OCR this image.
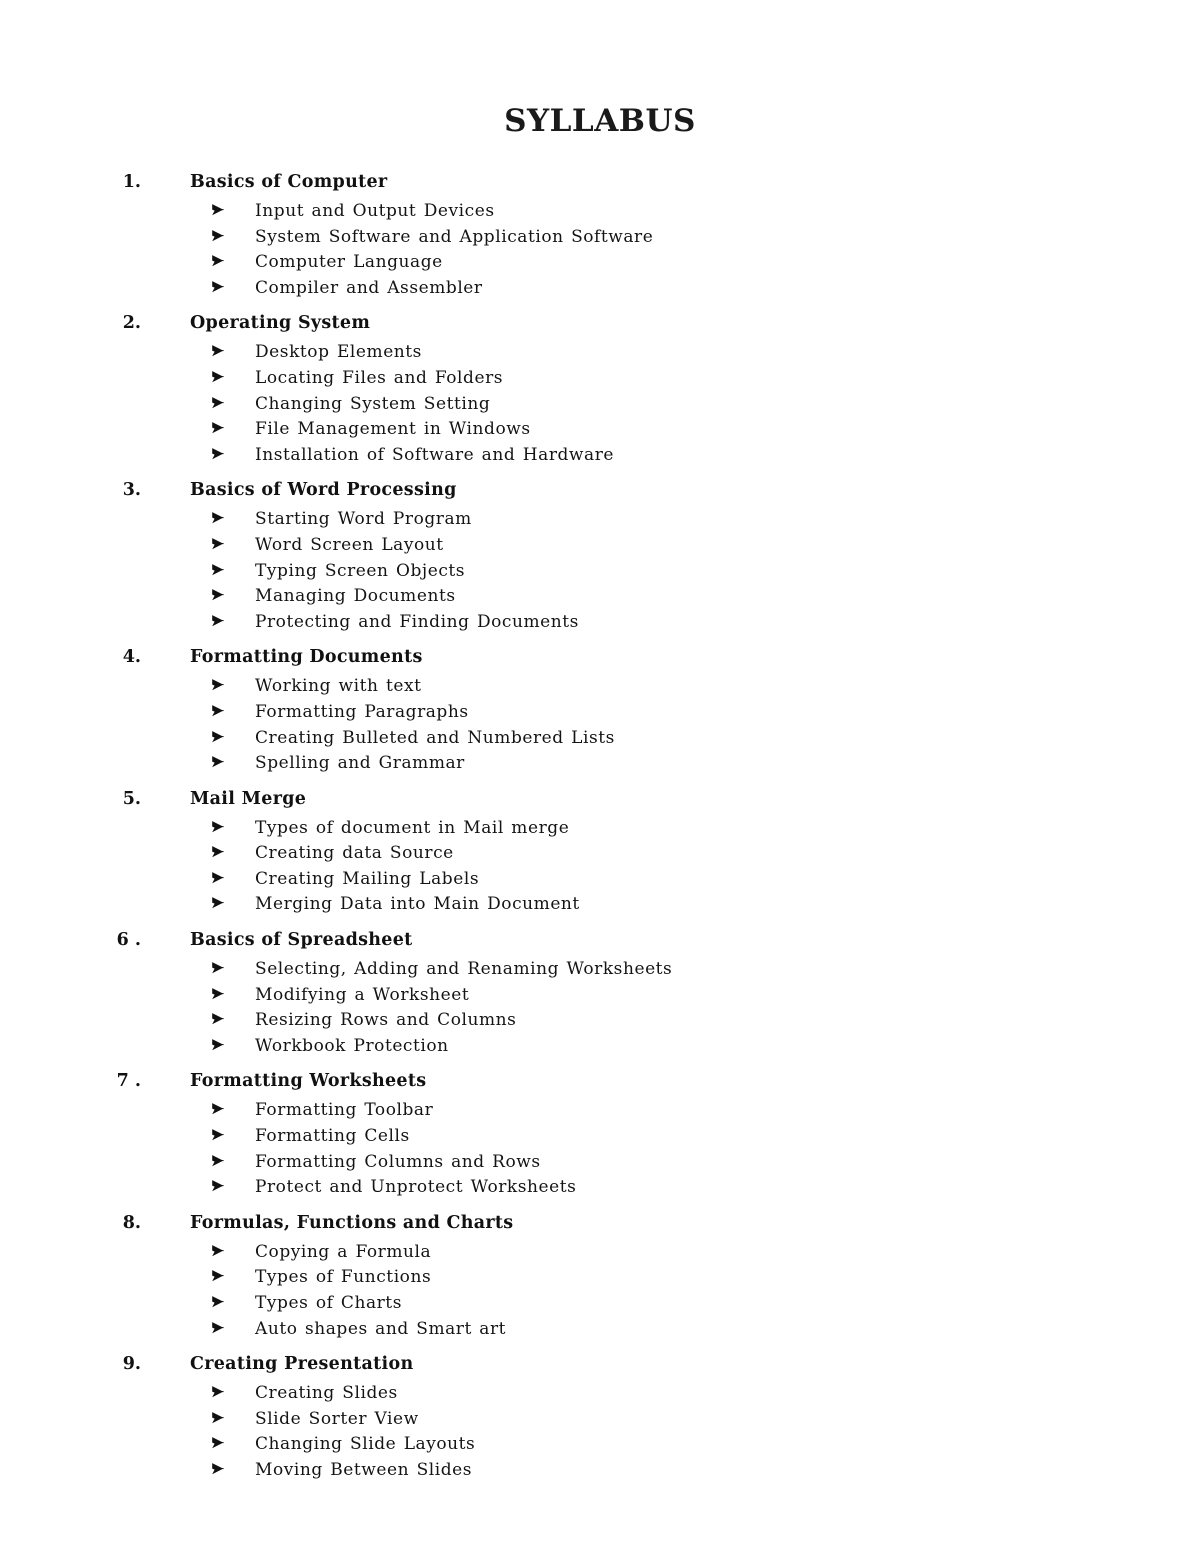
SYLLABUS
1.	Basics of Computer
Input and Output Devices
System Software and Application Software
Computer Language
Compiler and Assembler
2.	Operating System
Desktop Elements
Locating Files and Folders
Changing System Setting
File Management in Windows
Installation of Software and Hardware
3.	Basics of Word Processing
Starting Word Program
Word Screen Layout
Typing Screen Objects
Managing Documents
Protecting and Finding Documents
4.	Formatting Documents
Working with text
Formatting Paragraphs
Creating Bulleted and Numbered Lists
Spelling and Grammar
5.	Mail Merge
Types of document in Mail merge
Creating data Source
Creating Mailing Labels
Merging Data into Main Document
6 .	Basics of Spreadsheet
Selecting, Adding and Renaming Worksheets
Modifying a Worksheet
Resizing Rows and Columns
Workbook Protection
7 .	Formatting Worksheets
Formatting Toolbar
Formatting Cells
Formatting Columns and Rows
Protect and Unprotect Worksheets
8.	Formulas, Functions and Charts
Copying a Formula
Types of Functions
Types of Charts
Auto shapes and Smart art
9.	Creating Presentation
Creating Slides
Slide Sorter View
Changing Slide Layouts
Moving Between Slides
